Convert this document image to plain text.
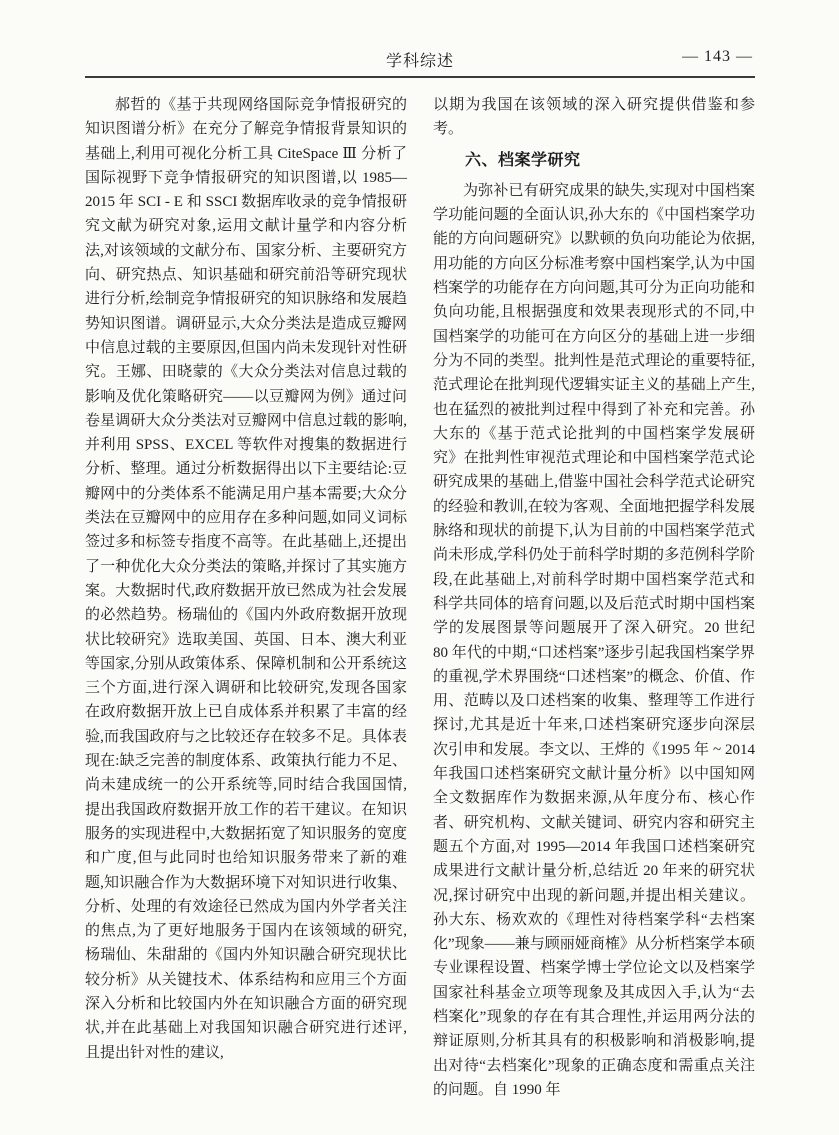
学科综述	— 143 —

郝哲的《基于共现网络国际竞争情报研究的知识图谱分析》在充分了解竞争情报背景知识的基础上,利用可视化分析工具 CiteSpace Ⅲ 分析了国际视野下竞争情报研究的知识图谱,以 1985—2015 年 SCI - E 和 SSCI 数据库收录的竞争情报研究文献为研究对象,运用文献计量学和内容分析法,对该领域的文献分布、国家分析、主要研究方向、研究热点、知识基础和研究前沿等研究现状进行分析,绘制竞争情报研究的知识脉络和发展趋势知识图谱。调研显示,大众分类法是造成豆瓣网中信息过载的主要原因,但国内尚未发现针对性研究。王娜、田晓蒙的《大众分类法对信息过载的影响及优化策略研究——以豆瓣网为例》通过问卷星调研大众分类法对豆瓣网中信息过载的影响,并利用 SPSS、EXCEL 等软件对搜集的数据进行分析、整理。通过分析数据得出以下主要结论:豆瓣网中的分类体系不能满足用户基本需要;大众分类法在豆瓣网中的应用存在多种问题,如同义词标签过多和标签专指度不高等。在此基础上,还提出了一种优化大众分类法的策略,并探讨了其实施方案。大数据时代,政府数据开放已然成为社会发展的必然趋势。杨瑞仙的《国内外政府数据开放现状比较研究》选取美国、英国、日本、澳大利亚等国家,分别从政策体系、保障机制和公开系统这三个方面,进行深入调研和比较研究,发现各国家在政府数据开放上已自成体系并积累了丰富的经验,而我国政府与之比较还存在较多不足。具体表现在:缺乏完善的制度体系、政策执行能力不足、尚未建成统一的公开系统等,同时结合我国国情,提出我国政府数据开放工作的若干建议。在知识服务的实现进程中,大数据拓宽了知识服务的宽度和广度,但与此同时也给知识服务带来了新的难题,知识融合作为大数据环境下对知识进行收集、分析、处理的有效途径已然成为国内外学者关注的焦点,为了更好地服务于国内在该领域的研究,杨瑞仙、朱甜甜的《国内外知识融合研究现状比较分析》从关键技术、体系结构和应用三个方面深入分析和比较国内外在知识融合方面的研究现状,并在此基础上对我国知识融合研究进行述评,且提出针对性的建议,

以期为我国在该领域的深入研究提供借鉴和参考。

六、档案学研究

为弥补已有研究成果的缺失,实现对中国档案学功能问题的全面认识,孙大东的《中国档案学功能的方向问题研究》以默顿的负向功能论为依据,用功能的方向区分标准考察中国档案学,认为中国档案学的功能存在方向问题,其可分为正向功能和负向功能,且根据强度和效果表现形式的不同,中国档案学的功能可在方向区分的基础上进一步细分为不同的类型。批判性是范式理论的重要特征,范式理论在批判现代逻辑实证主义的基础上产生,也在猛烈的被批判过程中得到了补充和完善。孙大东的《基于范式论批判的中国档案学发展研究》在批判性审视范式理论和中国档案学范式论研究成果的基础上,借鉴中国社会科学范式论研究的经验和教训,在较为客观、全面地把握学科发展脉络和现状的前提下,认为目前的中国档案学范式尚未形成,学科仍处于前科学时期的多范例科学阶段,在此基础上,对前科学时期中国档案学范式和科学共同体的培育问题,以及后范式时期中国档案学的发展图景等问题展开了深入研究。20 世纪 80 年代的中期,“口述档案”逐步引起我国档案学界的重视,学术界围绕“口述档案”的概念、价值、作用、范畴以及口述档案的收集、整理等工作进行探讨,尤其是近十年来,口述档案研究逐步向深层次引申和发展。李文以、王烨的《1995 年 ~ 2014 年我国口述档案研究文献计量分析》以中国知网全文数据库作为数据来源,从年度分布、核心作者、研究机构、文献关键词、研究内容和研究主题五个方面,对 1995—2014 年我国口述档案研究成果进行文献计量分析,总结近 20 年来的研究状况,探讨研究中出现的新问题,并提出相关建议。孙大东、杨欢欢的《理性对待档案学科“去档案化”现象——兼与顾丽娅商榷》从分析档案学本硕专业课程设置、档案学博士学位论文以及档案学国家社科基金立项等现象及其成因入手,认为“去档案化”现象的存在有其合理性,并运用两分法的辩证原则,分析其具有的积极影响和消极影响,提出对待“去档案化”现象的正确态度和需重点关注的问题。自 1990 年
